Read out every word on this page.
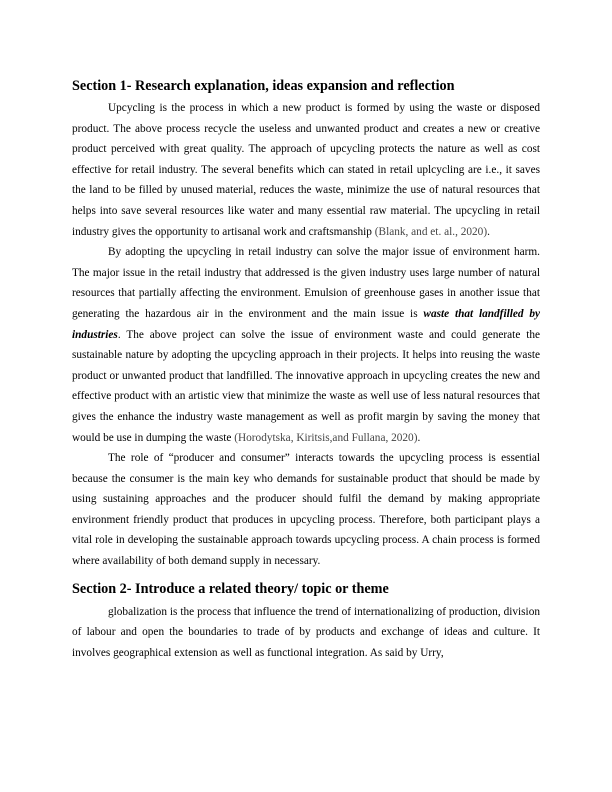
Section 1- Research explanation, ideas expansion and reflection

Upcycling is the process in which a new product is formed by using the waste or disposed product. The above process recycle the useless and unwanted product and creates a new or creative product perceived with great quality. The approach of upcycling protects the nature as well as cost effective for retail industry. The several benefits which can stated in retail uplcycling are i.e., it saves the land to be filled by unused material, reduces the waste, minimize the use of natural resources that helps into save several resources like water and many essential raw material. The upcycling in retail industry gives the opportunity to artisanal work and craftsmanship (Blank, and et. al., 2020).

By adopting the upcycling in retail industry can solve the major issue of environment harm. The major issue in the retail industry that addressed is the given industry uses large number of natural resources that partially affecting the environment. Emulsion of greenhouse gases in another issue that generating the hazardous air in the environment and the main issue is waste that landfilled by industries. The above project can solve the issue of environment waste and could generate the sustainable nature by adopting the upcycling approach in their projects. It helps into reusing the waste product or unwanted product that landfilled. The innovative approach in upcycling creates the new and effective product with an artistic view that minimize the waste as well use of less natural resources that gives the enhance the industry waste management as well as profit margin by saving the money that would be use in dumping the waste (Horodytska, Kiritsis,and Fullana, 2020).

The role of “producer and consumer” interacts towards the upcycling process is essential because the consumer is the main key who demands for sustainable product that should be made by using sustaining approaches and the producer should fulfil the demand by making appropriate environment friendly product that produces in upcycling process. Therefore, both participant plays a vital role in developing the sustainable approach towards upcycling process. A chain process is formed where availability of both demand supply in necessary.

Section 2- Introduce a related theory/ topic or theme

globalization is the process that influence the trend of internationalizing of production, division of labour and open the boundaries to trade of by products and exchange of ideas and culture. It involves geographical extension as well as functional integration. As said by Urry,
